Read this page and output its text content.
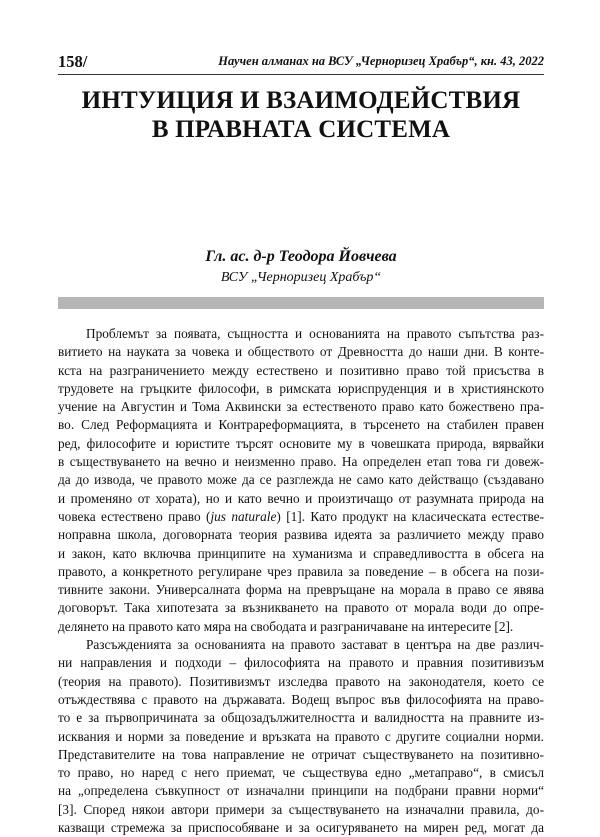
158/	Научен алманах на ВСУ „Черноризец Храбър“, кн. 43, 2022
ИНТУИЦИЯ И ВЗАИМОДЕЙСТВИЯ
В ПРАВНАТА СИСТЕМА
Гл. ас. д-р Теодора Йовчева
ВСУ „Черноризец Храбър“
Проблемът за появата, същността и основанията на правото съпътства раз-
витието на науката за човека и обществото от Древността до наши дни. В конте-
кста на разграничението между естествено и позитивно право той присъства в
трудовете на гръцките философи, в римската юриспруденция и в християнското
учение на Августин и Тома Аквински за естественото право като божествено пра-
во. След Реформацията и Контрареформацията, в търсенето на стабилен правен
ред, философите и юристите търсят основите му в човешката природа, вярвайки
в съществуването на вечно и неизменно право. На определен етап това ги довеж-
да до извода, че правото може да се разглежда не само като действащо (създавано
и променяно от хората), но и като вечно и произтичащо от разумната природа на
човека естествено право (jus naturale) [1]. Като продукт на класическата естестве-
ноправна школа, договорната теория развива идеята за различието между право
и закон, като включва принципите на хуманизма и справедливостта в обсега на
правото, а конкретното регулиране чрез правила за поведение – в обсега на пози-
тивните закони. Универсалната форма на превръщане на морала в право се явява
договорът. Така хипотезата за възникването на правото от морала води до опре-
делянето на правото като мяра на свободата и разграничаване на интересите [2].
Разсъжденията за основанията на правото застават в центъра на две различ-
ни направления и подходи – философията на правото и правния позитивизъм
(теория на правото). Позитивизмът изследва правото на законодателя, което се
отъждествява с правото на държавата. Водещ въпрос във философията на право-
то е за първопричината за общозадължителността и валидността на правните из-
исквания и норми за поведение и връзката на правото с другите социални норми.
Представителите на това направление не отричат съществуването на позитивно-
то право, но наред с него приемат, че съществува едно „метаправо“, в смисъл
на „определена съвкупност от изначални принципи на подбрани правни норми“
[3]. Според някои автори примери за съществуването на изначални правила, до-
казващи стремежа за приспособяване и за осигуряването на мирен ред, могат да
